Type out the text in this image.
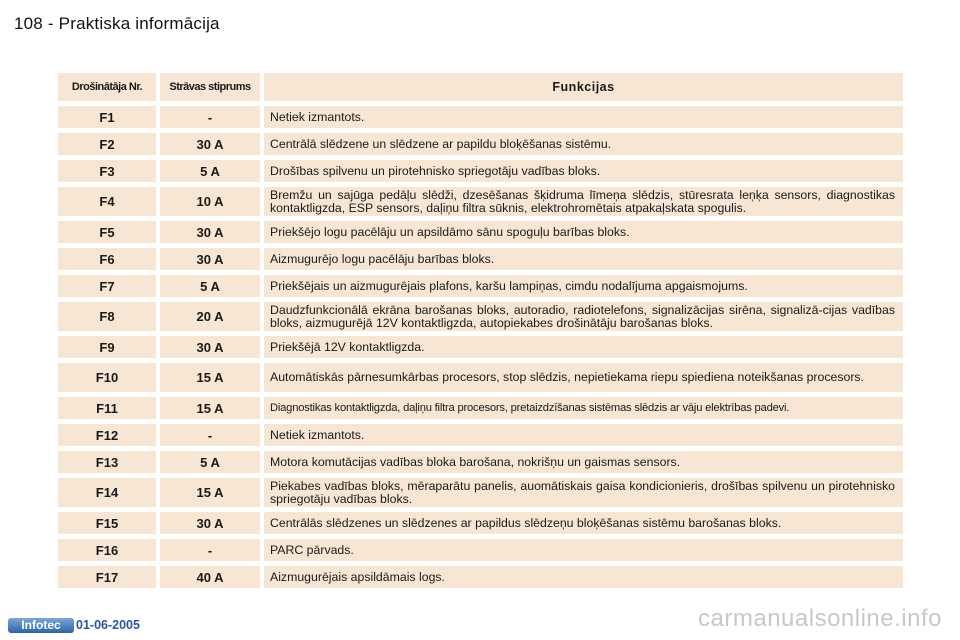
108 - Praktiska informācija
Drošinātāja Nr.	Strāvas stiprums	Funkcijas
F1	-	Netiek izmantots.
F2	30 A	Centrālā slēdzene un slēdzene ar papildu bloķēšanas sistēmu.
F3	5 A	Drošības spilvenu un pirotehnisko spriegotāju vadības bloks.
F4	10 A	Bremžu un sajūga pedāļu slēdži, dzesēšanas šķidruma līmeņa slēdzis, stūresrata leņķa sensors, diagnostikas kontaktligzda, ESP sensors, daļiņu filtra sūknis, elektrohromētais atpakaļskata spogulis.
F5	30 A	Priekšējo logu pacēlāju un apsildāmo sānu spoguļu barības bloks.
F6	30 A	Aizmugurējo logu pacēlāju barības bloks.
F7	5 A	Priekšējais un aizmugurējais plafons, karšu lampiņas, cimdu nodalījuma apgaismojums.
F8	20 A	Daudzfunkcionālā ekrāna barošanas bloks, autoradio, radiotelefons, signalizācijas sirēna, signalizā-cijas vadības bloks, aizmugurējā 12V kontaktligzda, autopiekabes drošinātāju barošanas bloks.
F9	30 A	Priekšējā 12V kontaktligzda.
F10	15 A	Automātiskās pārnesumkārbas procesors, stop slēdzis, nepietiekama riepu spiediena noteikšanas procesors.
F11	15 A	Diagnostikas kontaktligzda, daļiņu filtra procesors, pretaizdzīšanas sistēmas slēdzis ar vāju elektrības padevi.
F12	-	Netiek izmantots.
F13	5 A	Motora komutācijas vadības bloka barošana, nokrišņu un gaismas sensors.
F14	15 A	Piekabes vadības bloks, mēraparātu panelis, auomātiskais gaisa kondicionieris, drošības spilvenu un pirotehnisko spriegotāju vadības bloks.
F15	30 A	Centrālās slēdzenes un slēdzenes ar papildus slēdzeņu bloķēšanas sistēmu barošanas bloks.
F16	-	PARC pārvads.
F17	40 A	Aizmugurējais apsildāmais logs.
Infotec	01-06-2005	carmanualsonline.info
